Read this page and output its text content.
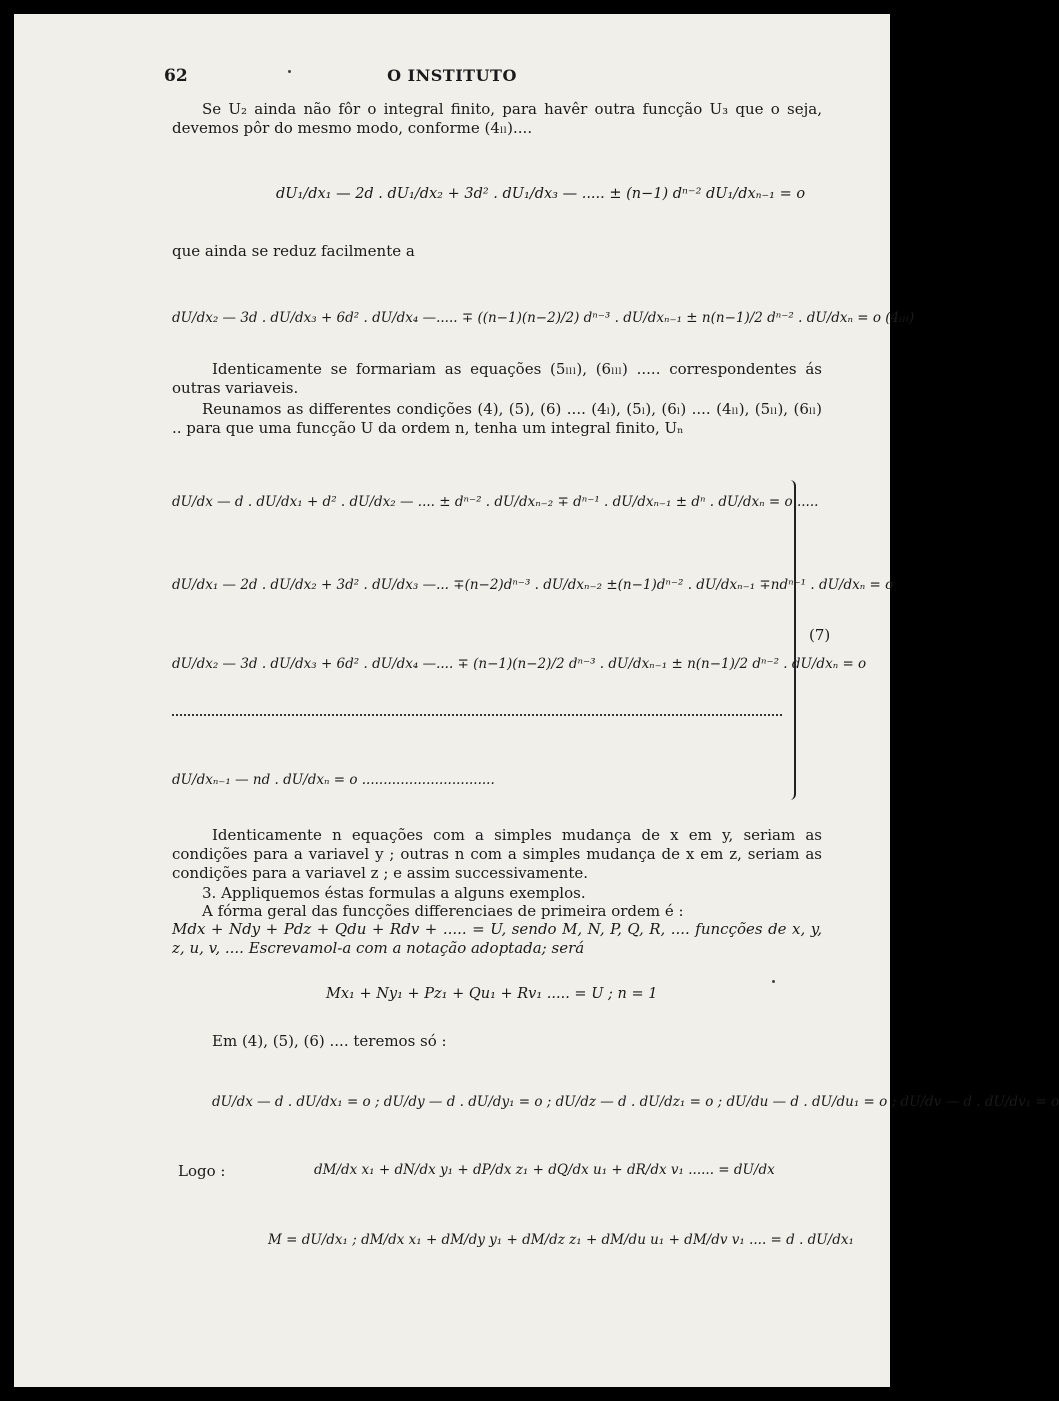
62	O INSTITUTO
Se U₂ ainda não fôr o integral finito, para havêr outra funcção U₃ que o seja, devemos pôr do mesmo modo, conforme (4ₗₗ)....
dU₁/dx₁ — 2d . dU₁/dx₂ + 3d² . dU₁/dx₃ — ..... ± (n−1) dⁿ⁻² dU₁/dxₙ₋₁ = o
que ainda se reduz facilmente a
dU/dx₂ — 3d . dU/dx₃ + 6d² . dU/dx₄ —..... ∓ ((n−1)(n−2)/2) dⁿ⁻³ . dU/dxₙ₋₁ ± n(n−1)/2 dⁿ⁻² . dU/dxₙ = o (4ₗₗₗ)
Identicamente se formariam as equações (5ₗₗₗ), (6ₗₗₗ) ..... correspondentes ás outras variaveis.
Reunamos as differentes condições (4), (5), (6) .... (4ₗ), (5ₗ), (6ₗ) .... (4ₗₗ), (5ₗₗ), (6ₗₗ) .. para que uma funcção U da ordem n, tenha um integral finito, Uₙ
dU/dx — d . dU/dx₁ + d² . dU/dx₂ — .... ± dⁿ⁻² . dU/dxₙ₋₂ ∓ dⁿ⁻¹ . dU/dxₙ₋₁ ± dⁿ . dU/dxₙ = o .....
dU/dx₁ — 2d . dU/dx₂ + 3d² . dU/dx₃ —... ∓(n−2)dⁿ⁻³ . dU/dxₙ₋₂ ±(n−1)dⁿ⁻² . dU/dxₙ₋₁ ∓ndⁿ⁻¹ . dU/dxₙ = o
dU/dx₂ — 3d . dU/dx₃ + 6d² . dU/dx₄ —.... ∓ (n−1)(n−2)/2 dⁿ⁻³ . dU/dxₙ₋₁ ± n(n−1)/2 dⁿ⁻² . dU/dxₙ = o
dU/dxₙ₋₁ — nd . dU/dxₙ = o ...............................
(7)
Identicamente n equações com a simples mudança de x em y, seriam as condições para a variavel y ; outras n com a simples mudança de x em z, seriam as condições para a variavel z ; e assim successivamente.
3. Appliquemos éstas formulas a alguns exemplos.
A fórma geral das funcções differenciaes de primeira ordem é :
Mdx + Ndy + Pdz + Qdu + Rdv + ..... = U, sendo M, N, P, Q, R, .... funcções de x, y, z, u, v, .... Escrevamol-a com a notação adoptada; será
Mx₁ + Ny₁ + Pz₁ + Qu₁ + Rv₁ ..... = U ; n = 1
Em (4), (5), (6) .... teremos só :
dU/dx — d . dU/dx₁ = o ; dU/dy — d . dU/dy₁ = o ; dU/dz — d . dU/dz₁ = o ; dU/du — d . dU/du₁ = o ; dU/dv — d . dU/dv₁ = o
Logo :	dM/dx x₁ + dN/dx y₁ + dP/dx z₁ + dQ/dx u₁ + dR/dx v₁ ...... = dU/dx
M = dU/dx₁ ; dM/dx x₁ + dM/dy y₁ + dM/dz z₁ + dM/du u₁ + dM/dv v₁ .... = d . dU/dx₁
